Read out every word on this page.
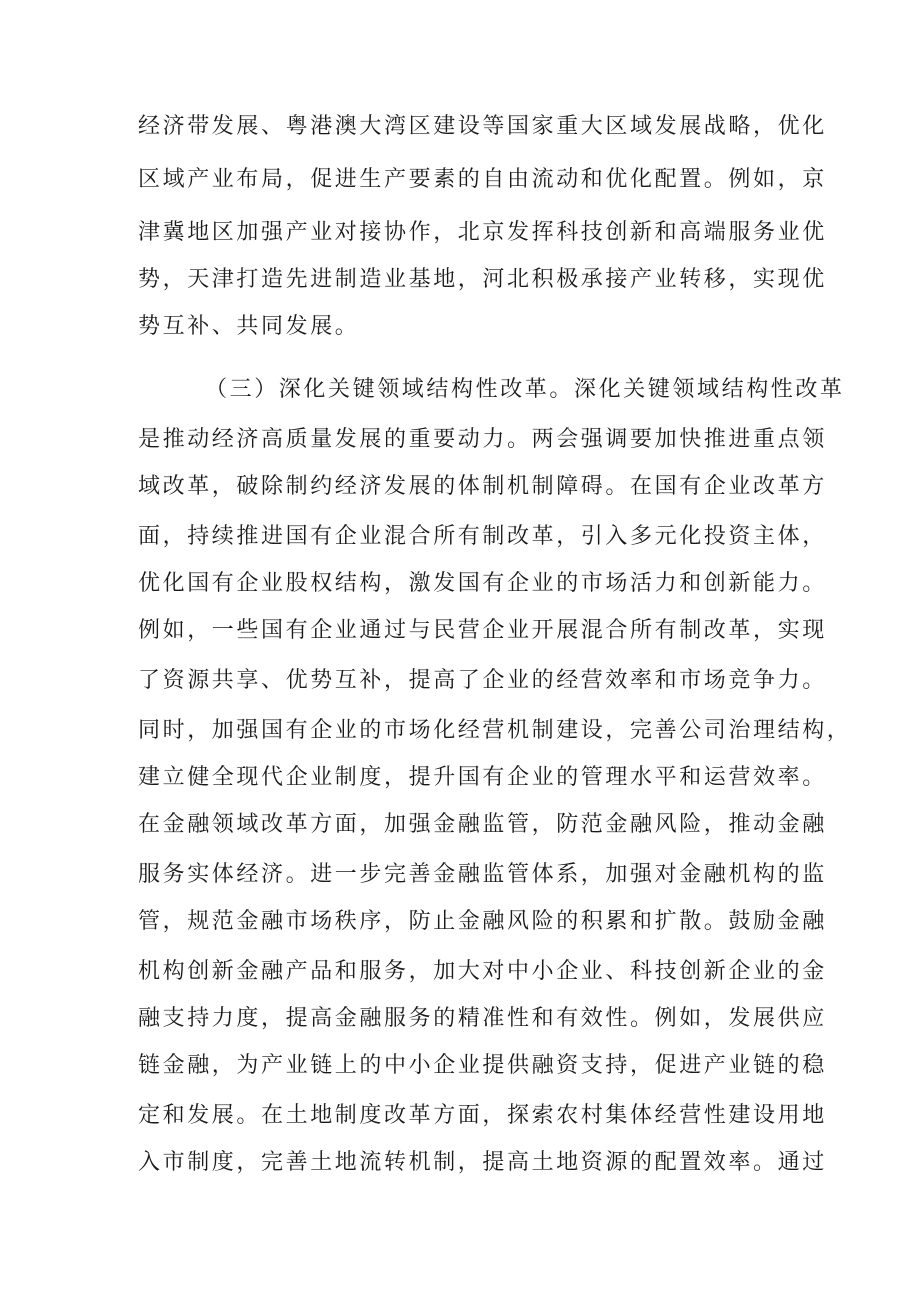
经济带发展、粤港澳大湾区建设等国家重大区域发展战略，优化
区域产业布局，促进生产要素的自由流动和优化配置。例如，京
津冀地区加强产业对接协作，北京发挥科技创新和高端服务业优
势，天津打造先进制造业基地，河北积极承接产业转移，实现优
势互补、共同发展。
（三）深化关键领域结构性改革。深化关键领域结构性改革
是推动经济高质量发展的重要动力。两会强调要加快推进重点领
域改革，破除制约经济发展的体制机制障碍。在国有企业改革方
面，持续推进国有企业混合所有制改革，引入多元化投资主体，
优化国有企业股权结构，激发国有企业的市场活力和创新能力。
例如，一些国有企业通过与民营企业开展混合所有制改革，实现
了资源共享、优势互补，提高了企业的经营效率和市场竞争力。
同时，加强国有企业的市场化经营机制建设，完善公司治理结构，
建立健全现代企业制度，提升国有企业的管理水平和运营效率。
在金融领域改革方面，加强金融监管，防范金融风险，推动金融
服务实体经济。进一步完善金融监管体系，加强对金融机构的监
管，规范金融市场秩序，防止金融风险的积累和扩散。鼓励金融
机构创新金融产品和服务，加大对中小企业、科技创新企业的金
融支持力度，提高金融服务的精准性和有效性。例如，发展供应
链金融，为产业链上的中小企业提供融资支持，促进产业链的稳
定和发展。在土地制度改革方面，探索农村集体经营性建设用地
入市制度，完善土地流转机制，提高土地资源的配置效率。通过
